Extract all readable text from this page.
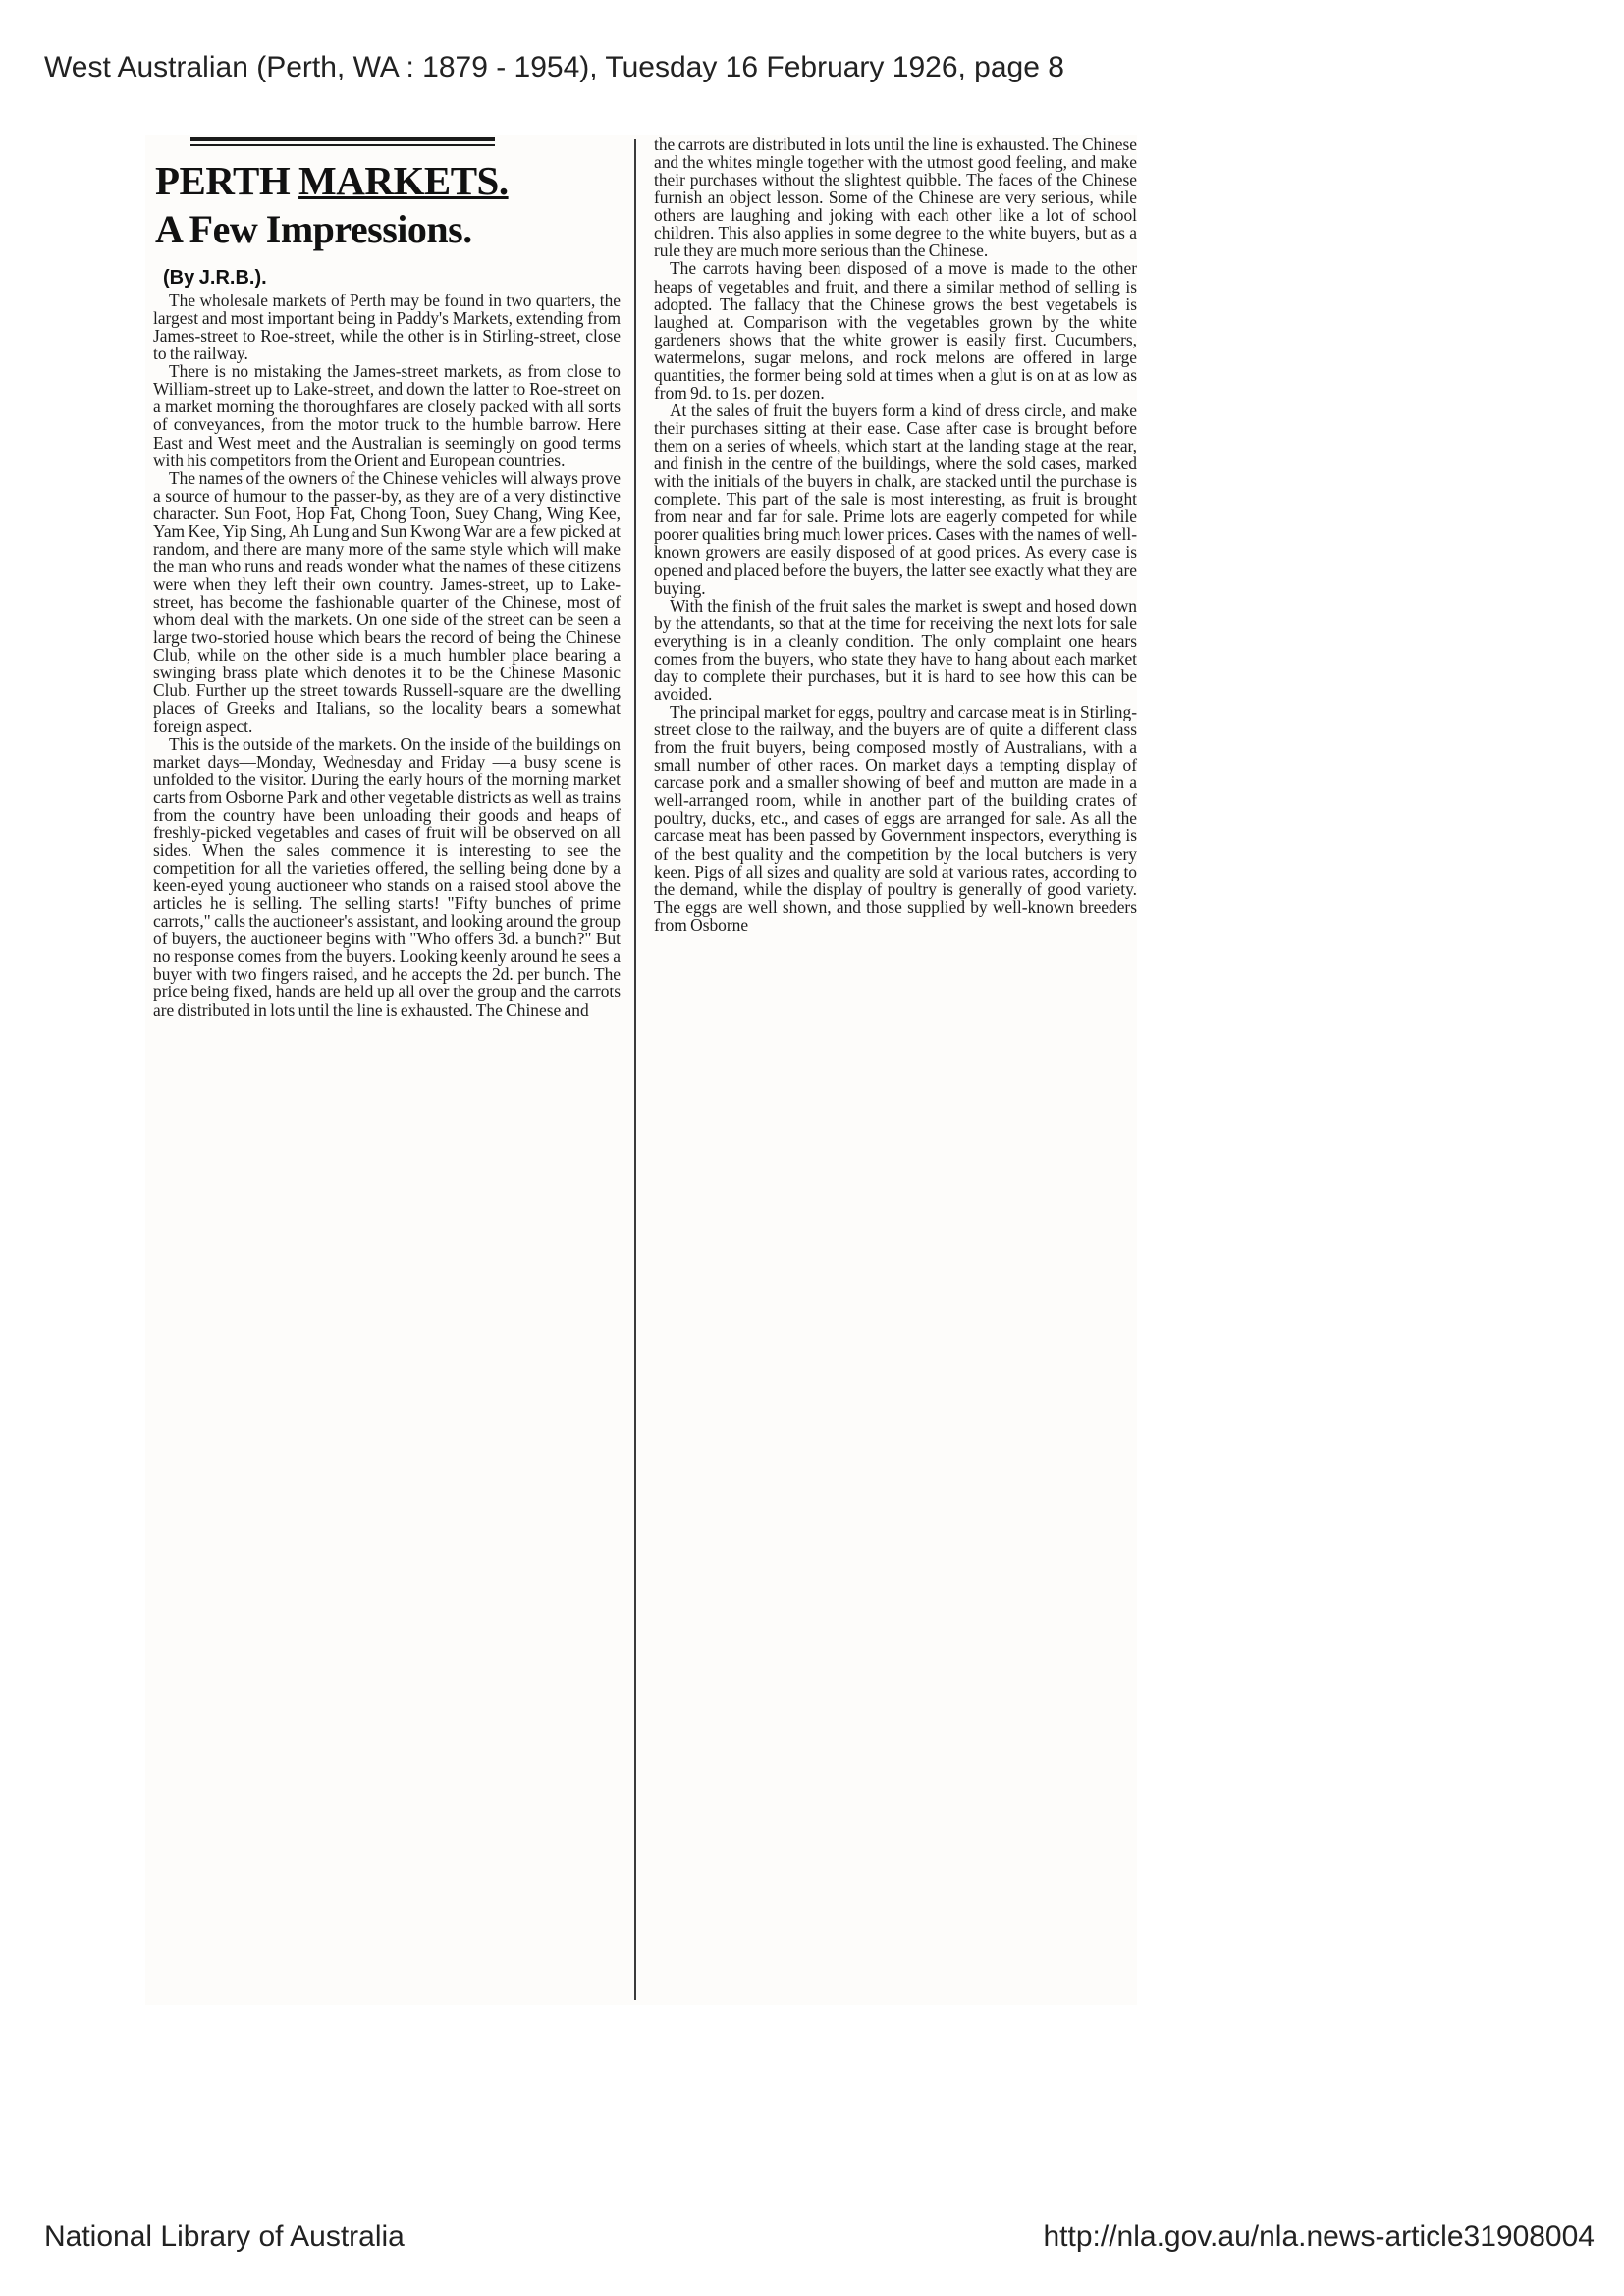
West Australian (Perth, WA : 1879 - 1954), Tuesday 16 February 1926, page 8
PERTH MARKETS.
A Few Impressions.
(By J.R.B.).

The wholesale markets of Perth may be found in two quarters, the largest and most important being in Paddy's Markets, extending from James-street to Roe-street, while the other is in Stirling-street, close to the railway.

There is no mistaking the James-street markets, as from close to William-street up to Lake-street, and down the latter to Roe-street on a market morning the thoroughfares are closely packed with all sorts of conveyances, from the motor truck to the humble barrow. Here East and West meet and the Australian is seemingly on good terms with his competitors from the Orient and European countries.

The names of the owners of the Chinese vehicles will always prove a source of humour to the passer-by, as they are of a very distinctive character. Sun Foot, Hop Fat, Chong Toon, Suey Chang, Wing Kee, Yam Kee, Yip Sing, Ah Lung and Sun Kwong War are a few picked at random, and there are many more of the same style which will make the man who runs and reads wonder what the names of these citizens were when they left their own country. James-street, up to Lake-street, has become the fashionable quarter of the Chinese, most of whom deal with the markets. On one side of the street can be seen a large two-storied house which bears the record of being the Chinese Club, while on the other side is a much humbler place bearing a swinging brass plate which denotes it to be the Chinese Masonic Club. Further up the street towards Russell-square are the dwelling places of Greeks and Italians, so the locality bears a somewhat foreign aspect.

This is the outside of the markets. On the inside of the buildings on market days—Monday, Wednesday and Friday —a busy scene is unfolded to the visitor. During the early hours of the morning market carts from Osborne Park and other vegetable districts as well as trains from the country have been unloading their goods and heaps of freshly-picked vegetables and cases of fruit will be observed on all sides. When the sales commence it is interesting to see the competition for all the varieties offered, the selling being done by a keen-eyed young auctioneer who stands on a raised stool above the articles he is selling. The selling starts! "Fifty bunches of prime carrots," calls the auctioneer's assistant, and looking around the group of buyers, the auctioneer begins with "Who offers 3d. a bunch?" But no response comes from the buyers. Looking keenly around he sees a buyer with two fingers raised, and he accepts the 2d. per bunch. The price being fixed, hands are held up all over the group and the carrots are distributed in lots until the line is exhausted. The Chinese and

the carrots are distributed in lots until the line is exhausted. The Chinese and the whites mingle together with the utmost good feeling, and make their purchases without the slightest quibble. The faces of the Chinese furnish an object lesson. Some of the Chinese are very serious, while others are laughing and joking with each other like a lot of school children. This also applies in some degree to the white buyers, but as a rule they are much more serious than the Chinese.

The carrots having been disposed of a move is made to the other heaps of vegetables and fruit, and there a similar method of selling is adopted. The fallacy that the Chinese grows the best vegetabels is laughed at. Comparison with the vegetables grown by the white gardeners shows that the white grower is easily first. Cucumbers, watermelons, sugar melons, and rock melons are offered in large quantities, the former being sold at times when a glut is on at as low as from 9d. to 1s. per dozen.

At the sales of fruit the buyers form a kind of dress circle, and make their purchases sitting at their ease. Case after case is brought before them on a series of wheels, which start at the landing stage at the rear, and finish in the centre of the buildings, where the sold cases, marked with the initials of the buyers in chalk, are stacked until the purchase is complete. This part of the sale is most interesting, as fruit is brought from near and far for sale. Prime lots are eagerly competed for while poorer qualities bring much lower prices. Cases with the names of well-known growers are easily disposed of at good prices. As every case is opened and placed before the buyers, the latter see exactly what they are buying.

With the finish of the fruit sales the market is swept and hosed down by the attendants, so that at the time for receiving the next lots for sale everything is in a cleanly condition. The only complaint one hears comes from the buyers, who state they have to hang about each market day to complete their purchases, but it is hard to see how this can be avoided.

The principal market for eggs, poultry and carcase meat is in Stirling-street close to the railway, and the buyers are of quite a different class from the fruit buyers, being composed mostly of Australians, with a small number of other races. On market days a tempting display of carcase pork and a smaller showing of beef and mutton are made in a well-arranged room, while in another part of the building crates of poultry, ducks, etc., and cases of eggs are arranged for sale. As all the carcase meat has been passed by Government inspectors, everything is of the best quality and the competition by the local butchers is very keen. Pigs of all sizes and quality are sold at various rates, according to the demand, while the display of poultry is generally of good variety. The eggs are well shown, and those supplied by well-known breeders from Osborne

National Library of Australia	http://nla.gov.au/nla.news-article31908004
